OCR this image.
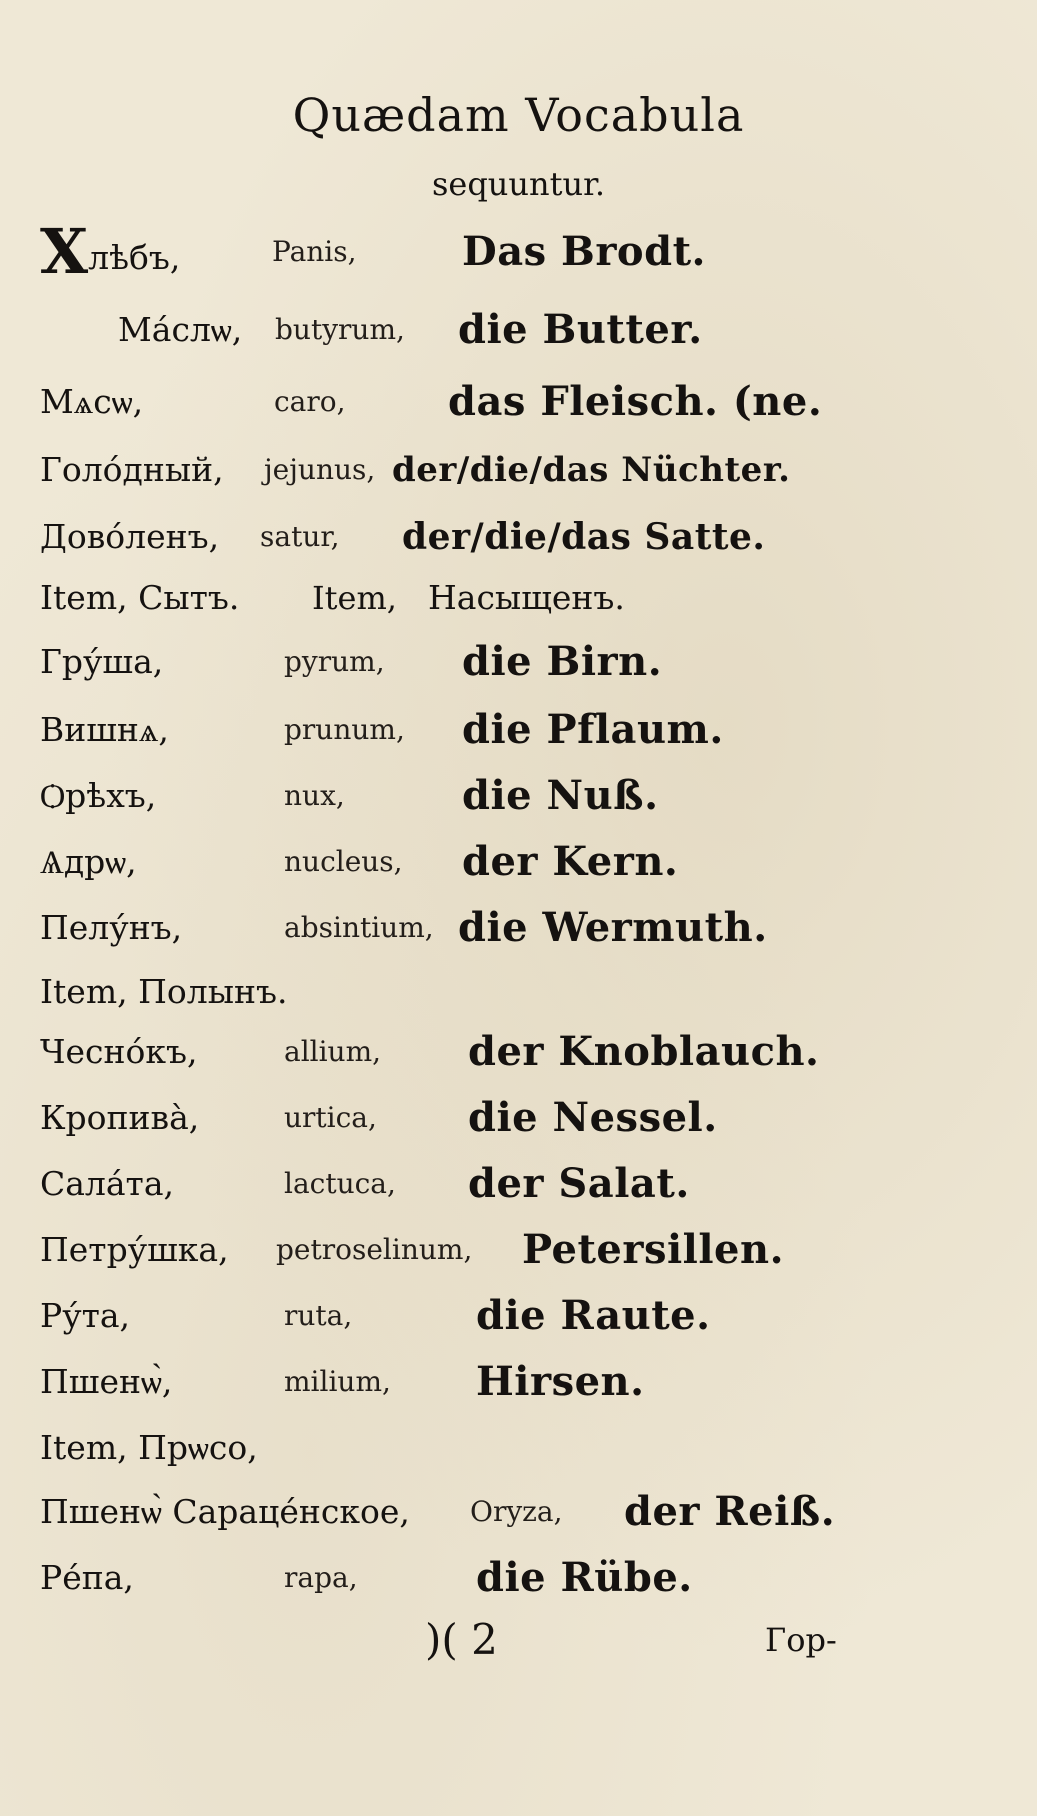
Quædam Vocabula
sequuntur.
Хлѣбъ,	Panis,	Das Brodt.
Ма́слѡ, butyrum, die Butter.
Мѧсѡ,	caro,	das Fleisch. (ne.
Голо́дный, jejunus, der/die/das Nüchter.
Дово́ленъ, satur, der/die/das Satte.
Item, Сытъ. Item, Насыщенъ.
Гру́ша,	pyrum, die Birn.
Вишнѧ,	prunum, die Pflaum.
Ѻрѣхъ,	nux,	die Nuß.
Ѧдрѡ,	nucleus, der Kern.
Пелу́нъ,	absintium, die Wermuth.
Item, Полынъ.
Чесно́къ,	allium, der Knoblauch.
Кропива̀,	urtica, die Nessel.
Сала́та,	lactuca, der Salat.
Петру́шка, petroselinum, Petersillen.
Ру́та,	ruta,	die Raute.
Пшенѡ̀,	milium, Hirsen.
Item, Прѡсо,
Пшенѡ̀ Сараце́нское, Oryza, der Reiß.
Ре́па,	rapa,	die Rübe.
)( 2	Гор-
